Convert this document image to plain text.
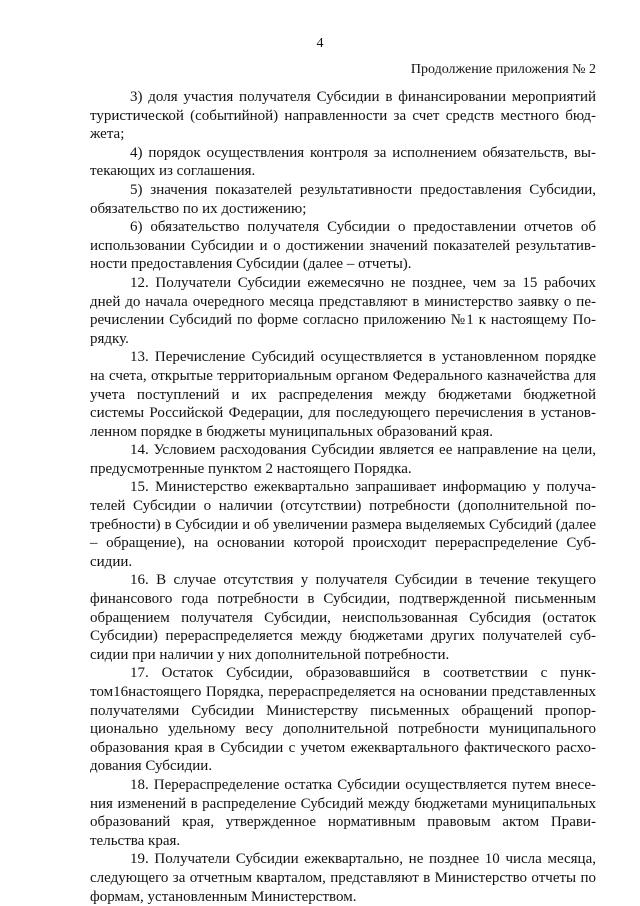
4
Продолжение приложения № 2

3) доля участия получателя Субсидии в финансировании мероприятий туристической (событийной) направленности за счет средств местного бюджета;

4) порядок осуществления контроля за исполнением обязательств, вытекающих из соглашения.

5) значения показателей результативности предоставления Субсидии, обязательство по их достижению;

6) обязательство получателя Субсидии о предоставлении отчетов об использовании Субсидии и о достижении значений показателей результативности предоставления Субсидии (далее – отчеты).

12. Получатели Субсидии ежемесячно не позднее, чем за 15 рабочих дней до начала очередного месяца представляют в министерство заявку о перечислении Субсидий по форме согласно приложению №1 к настоящему Порядку.

13. Перечисление Субсидий осуществляется в установленном порядке на счета, открытые территориальным органом Федерального казначейства для учета поступлений и их распределения между бюджетами бюджетной системы Российской Федерации, для последующего перечисления в установленном порядке в бюджеты муниципальных образований края.

14. Условием расходования Субсидии является ее направление на цели, предусмотренные пунктом 2 настоящего Порядка.

15. Министерство ежеквартально запрашивает информацию у получателей Субсидии о наличии (отсутствии) потребности (дополнительной потребности) в Субсидии и об увеличении размера выделяемых Субсидий (далее – обращение), на основании которой происходит перераспределение Субсидии.

16. В случае отсутствия у получателя Субсидии в течение текущего финансового года потребности в Субсидии, подтвержденной письменным обращением получателя Субсидии, неиспользованная Субсидия (остаток Субсидии) перераспределяется между бюджетами других получателей субсидии при наличии у них дополнительной потребности.

17. Остаток Субсидии, образовавшийся в соответствии с пунктом16настоящего Порядка, перераспределяется на основании представленных получателями Субсидии Министерству письменных обращений пропорционально удельному весу дополнительной потребности муниципального образования края в Субсидии с учетом ежеквартального фактического расходования Субсидии.

18. Перераспределение остатка Субсидии осуществляется путем внесения изменений в распределение Субсидий между бюджетами муниципальных образований края, утвержденное нормативным правовым актом Правительства края.

19. Получатели Субсидии ежеквартально, не позднее 10 числа месяца, следующего за отчетным кварталом, представляют в Министерство отчеты по формам, установленным Министерством.
